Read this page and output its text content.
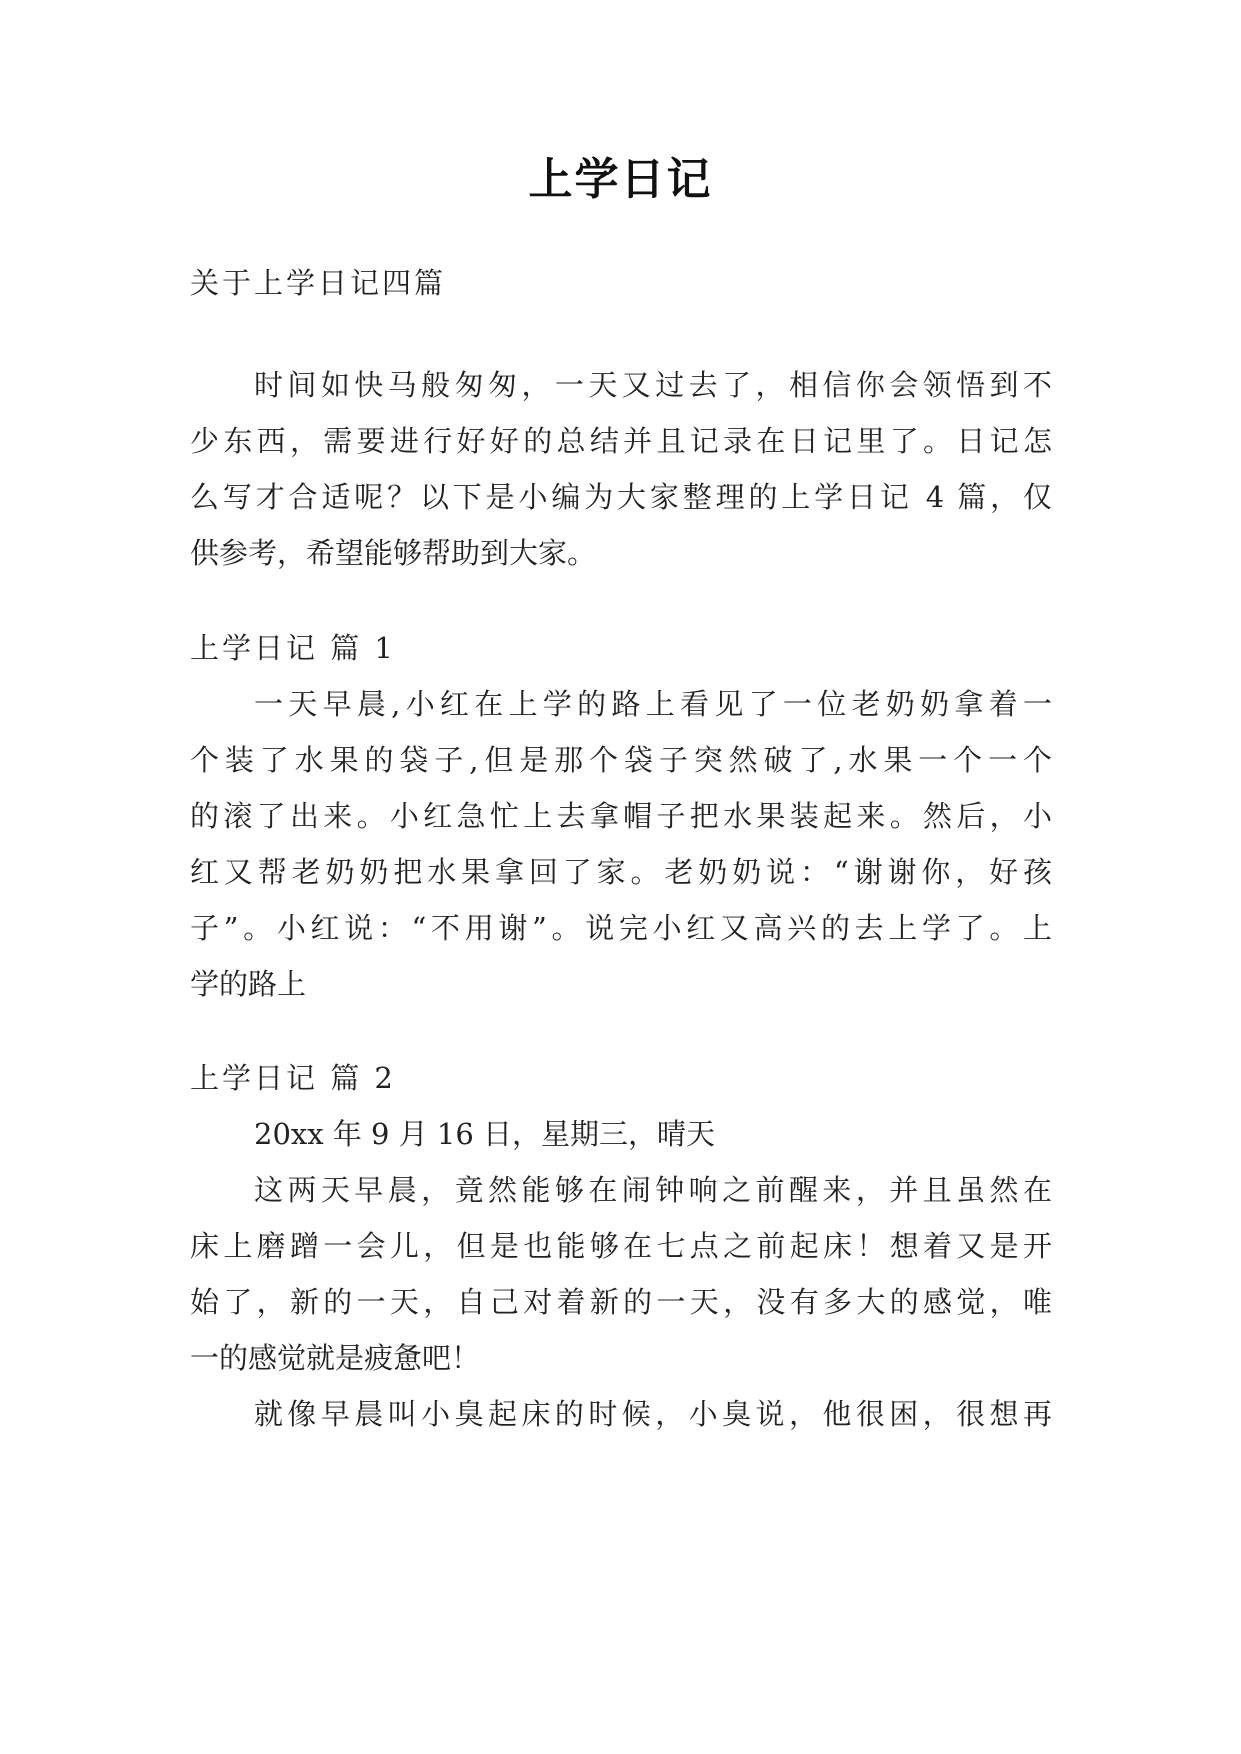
上学日记
关于上学日记四篇
时间如快马般匆匆，一天又过去了，相信你会领悟到不
少东西，需要进行好好的总结并且记录在日记里了。日记怎
么写才合适呢？以下是小编为大家整理的上学日记 4 篇，仅
供参考，希望能够帮助到大家。
上学日记 篇 1
一天早晨,小红在上学的路上看见了一位老奶奶拿着一
个装了水果的袋子,但是那个袋子突然破了,水果一个一个
的滚了出来。小红急忙上去拿帽子把水果装起来。然后，小
红又帮老奶奶把水果拿回了家。老奶奶说：“谢谢你，好孩
子”。小红说：“不用谢”。说完小红又高兴的去上学了。上
学的路上
上学日记 篇 2
20xx 年 9 月 16 日，星期三，晴天
这两天早晨，竟然能够在闹钟响之前醒来，并且虽然在
床上磨蹭一会儿，但是也能够在七点之前起床！想着又是开
始了，新的一天，自己对着新的一天，没有多大的感觉，唯
一的感觉就是疲惫吧！
就像早晨叫小臭起床的时候，小臭说，他很困，很想再
